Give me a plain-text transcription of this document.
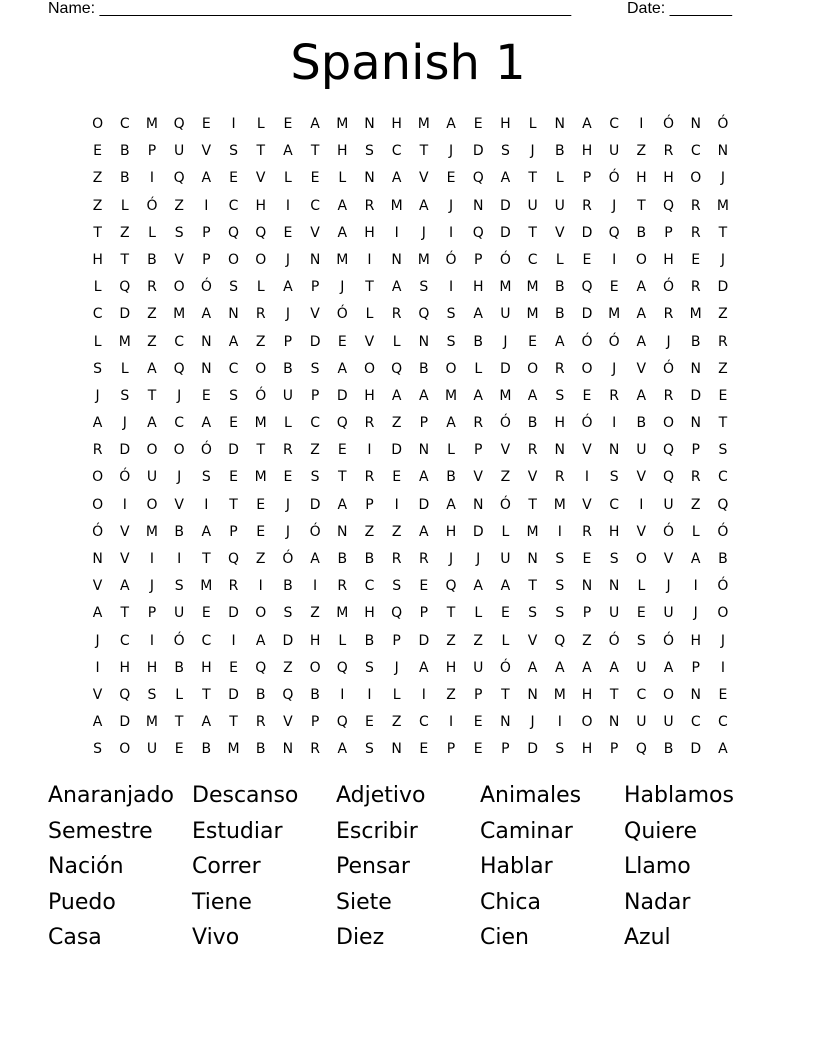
Name: _____________________________________________________	Date: _______
Spanish 1
O	C	M	Q	E	I	L	E	A	M	N	H	M	A	E	H	L	N	A	C	I	Ó	N	Ó
E	B	P	U	V	S	T	A	T	H	S	C	T	J	D	S	J	B	H	U	Z	R	C	N
Z	B	I	Q	A	E	V	L	E	L	N	A	V	E	Q	A	T	L	P	Ó	H	H	O	J
Z	L	Ó	Z	I	C	H	I	C	A	R	M	A	J	N	D	U	U	R	J	T	Q	R	M
T	Z	L	S	P	Q	Q	E	V	A	H	I	J	I	Q	D	T	V	D	Q	B	P	R	T
H	T	B	V	P	O	O	J	N	M	I	N	M	Ó	P	Ó	C	L	E	I	O	H	E	J
L	Q	R	O	Ó	S	L	A	P	J	T	A	S	I	H	M	M	B	Q	E	A	Ó	R	D
C	D	Z	M	A	N	R	J	V	Ó	L	R	Q	S	A	U	M	B	D	M	A	R	M	Z
L	M	Z	C	N	A	Z	P	D	E	V	L	N	S	B	J	E	A	Ó	Ó	A	J	B	R
S	L	A	Q	N	C	O	B	S	A	O	Q	B	O	L	D	O	R	O	J	V	Ó	N	Z
J	S	T	J	E	S	Ó	U	P	D	H	A	A	M	A	M	A	S	E	R	A	R	D	E
A	J	A	C	A	E	M	L	C	Q	R	Z	P	A	R	Ó	B	H	Ó	I	B	O	N	T
R	D	O	O	Ó	D	T	R	Z	E	I	D	N	L	P	V	R	N	V	N	U	Q	P	S
O	Ó	U	J	S	E	M	E	S	T	R	E	A	B	V	Z	V	R	I	S	V	Q	R	C
O	I	O	V	I	T	E	J	D	A	P	I	D	A	N	Ó	T	M	V	C	I	U	Z	Q
Ó	V	M	B	A	P	E	J	Ó	N	Z	Z	A	H	D	L	M	I	R	H	V	Ó	L	Ó
N	V	I	I	T	Q	Z	Ó	A	B	B	R	R	J	J	U	N	S	E	S	O	V	A	B
V	A	J	S	M	R	I	B	I	R	C	S	E	Q	A	A	T	S	N	N	L	J	I	Ó
A	T	P	U	E	D	O	S	Z	M	H	Q	P	T	L	E	S	S	P	U	E	U	J	O
J	C	I	Ó	C	I	A	D	H	L	B	P	D	Z	Z	L	V	Q	Z	Ó	S	Ó	H	J
I	H	H	B	H	E	Q	Z	O	Q	S	J	A	H	U	Ó	A	A	A	A	U	A	P	I
V	Q	S	L	T	D	B	Q	B	I	I	L	I	Z	P	T	N	M	H	T	C	O	N	E
A	D	M	T	A	T	R	V	P	Q	E	Z	C	I	E	N	J	I	O	N	U	U	C	C
S	O	U	E	B	M	B	N	R	A	S	N	E	P	E	P	D	S	H	P	Q	B	D	A
Anaranjado Descanso	Adjetivo	Animales	Hablamos
Semestre	Estudiar	Escribir	Caminar	Quiere
Nación	Correr	Pensar	Hablar	Llamo
Puedo	Tiene	Siete	Chica	Nadar
Casa	Vivo	Diez	Cien	Azul
